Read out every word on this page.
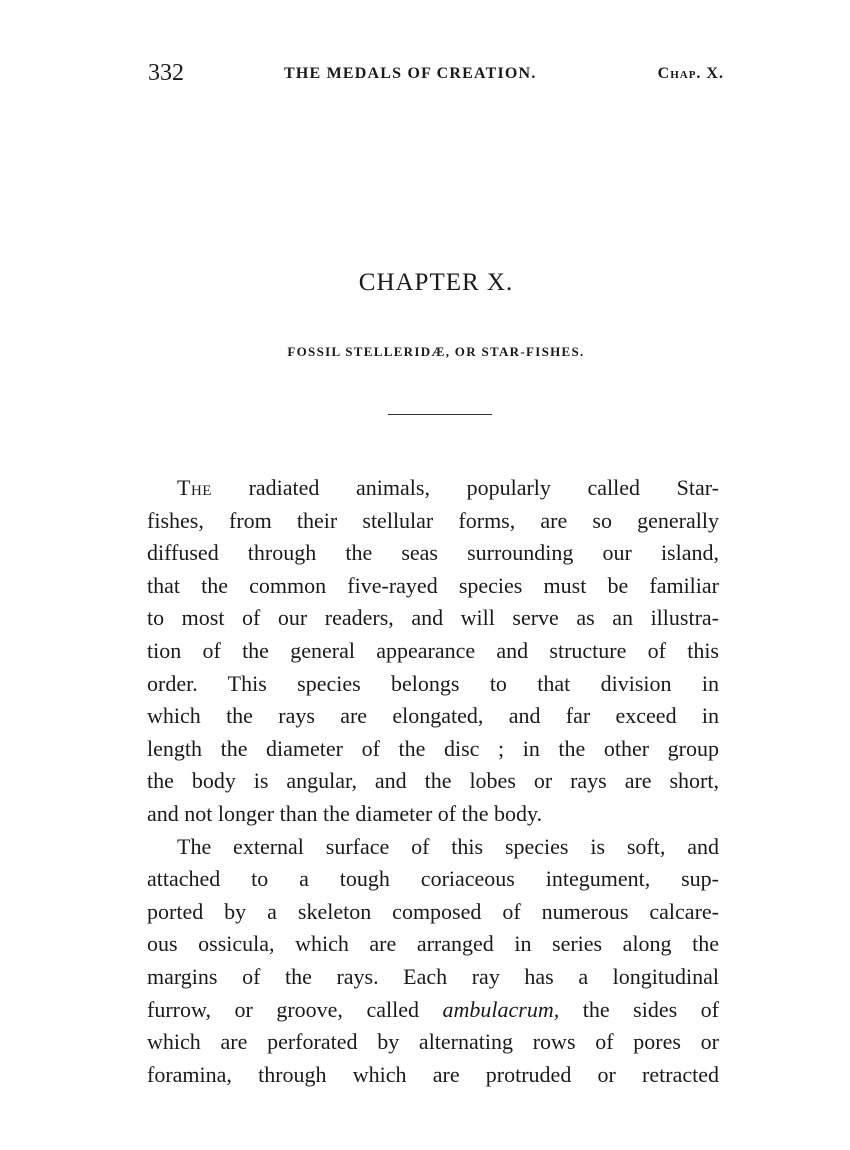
332	THE MEDALS OF CREATION.	Chap. X.
CHAPTER X.
FOSSIL STELLERIDÆ, OR STAR-FISHES.
The radiated animals, popularly called Star-
fishes, from their stellular forms, are so generally
diffused through the seas surrounding our island,
that the common five-rayed species must be familiar
to most of our readers, and will serve as an illustra-
tion of the general appearance and structure of this
order. This species belongs to that division in
which the rays are elongated, and far exceed in
length the diameter of the disc ; in the other group
the body is angular, and the lobes or rays are short,
and not longer than the diameter of the body.
The external surface of this species is soft, and
attached to a tough coriaceous integument, sup-
ported by a skeleton composed of numerous calcare-
ous ossicula, which are arranged in series along the
margins of the rays. Each ray has a longitudinal
furrow, or groove, called ambulacrum, the sides of
which are perforated by alternating rows of pores or
foramina, through which are protruded or retracted
